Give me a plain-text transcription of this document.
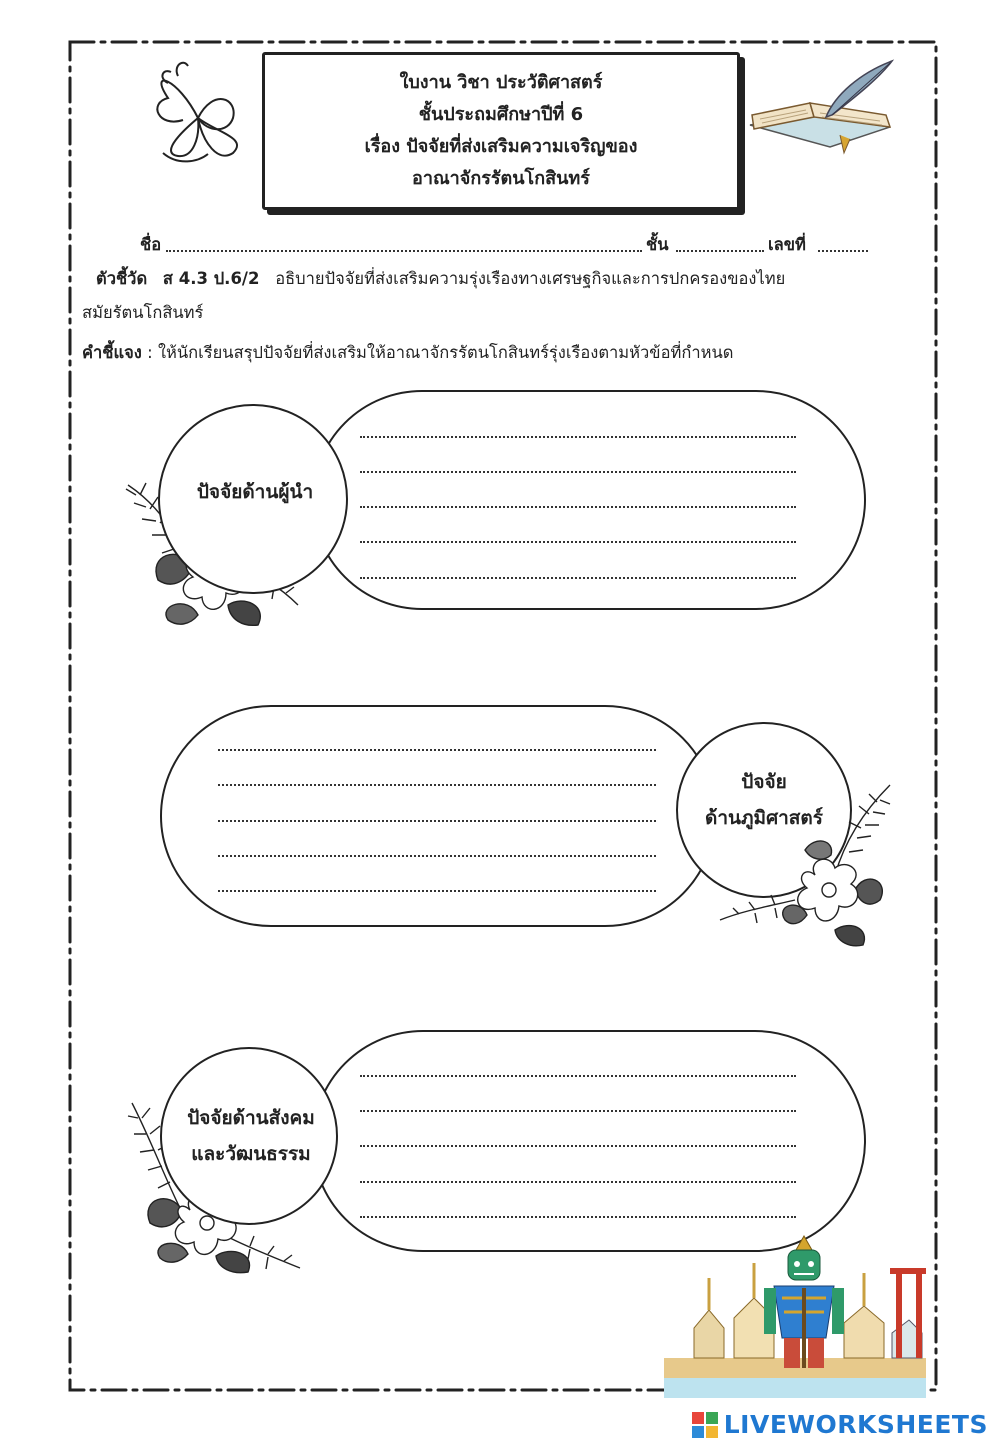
ใบงาน วิชา ประวัติศาสตร์
ชั้นประถมศึกษาปีที่ 6
เรื่อง ปัจจัยที่ส่งเสริมความเจริญของ
อาณาจักรรัตนโกสินทร์
ชื่อ	ชั้น	เลขที่
ตัวชี้วัด ส 4.3 ป.6/2 อธิบายปัจจัยที่ส่งเสริมความรุ่งเรืองทางเศรษฐกิจและการปกครองของไทย
สมัยรัตนโกสินทร์
คำชี้แจง : ให้นักเรียนสรุปปัจจัยที่ส่งเสริมให้อาณาจักรรัตนโกสินทร์รุ่งเรืองตามหัวข้อที่กำหนด
ปัจจัยด้านผู้นำ
ปัจจัย
ด้านภูมิศาสตร์
ปัจจัยด้านสังคม
และวัฒนธรรม
LIVEWORKSHEETS
